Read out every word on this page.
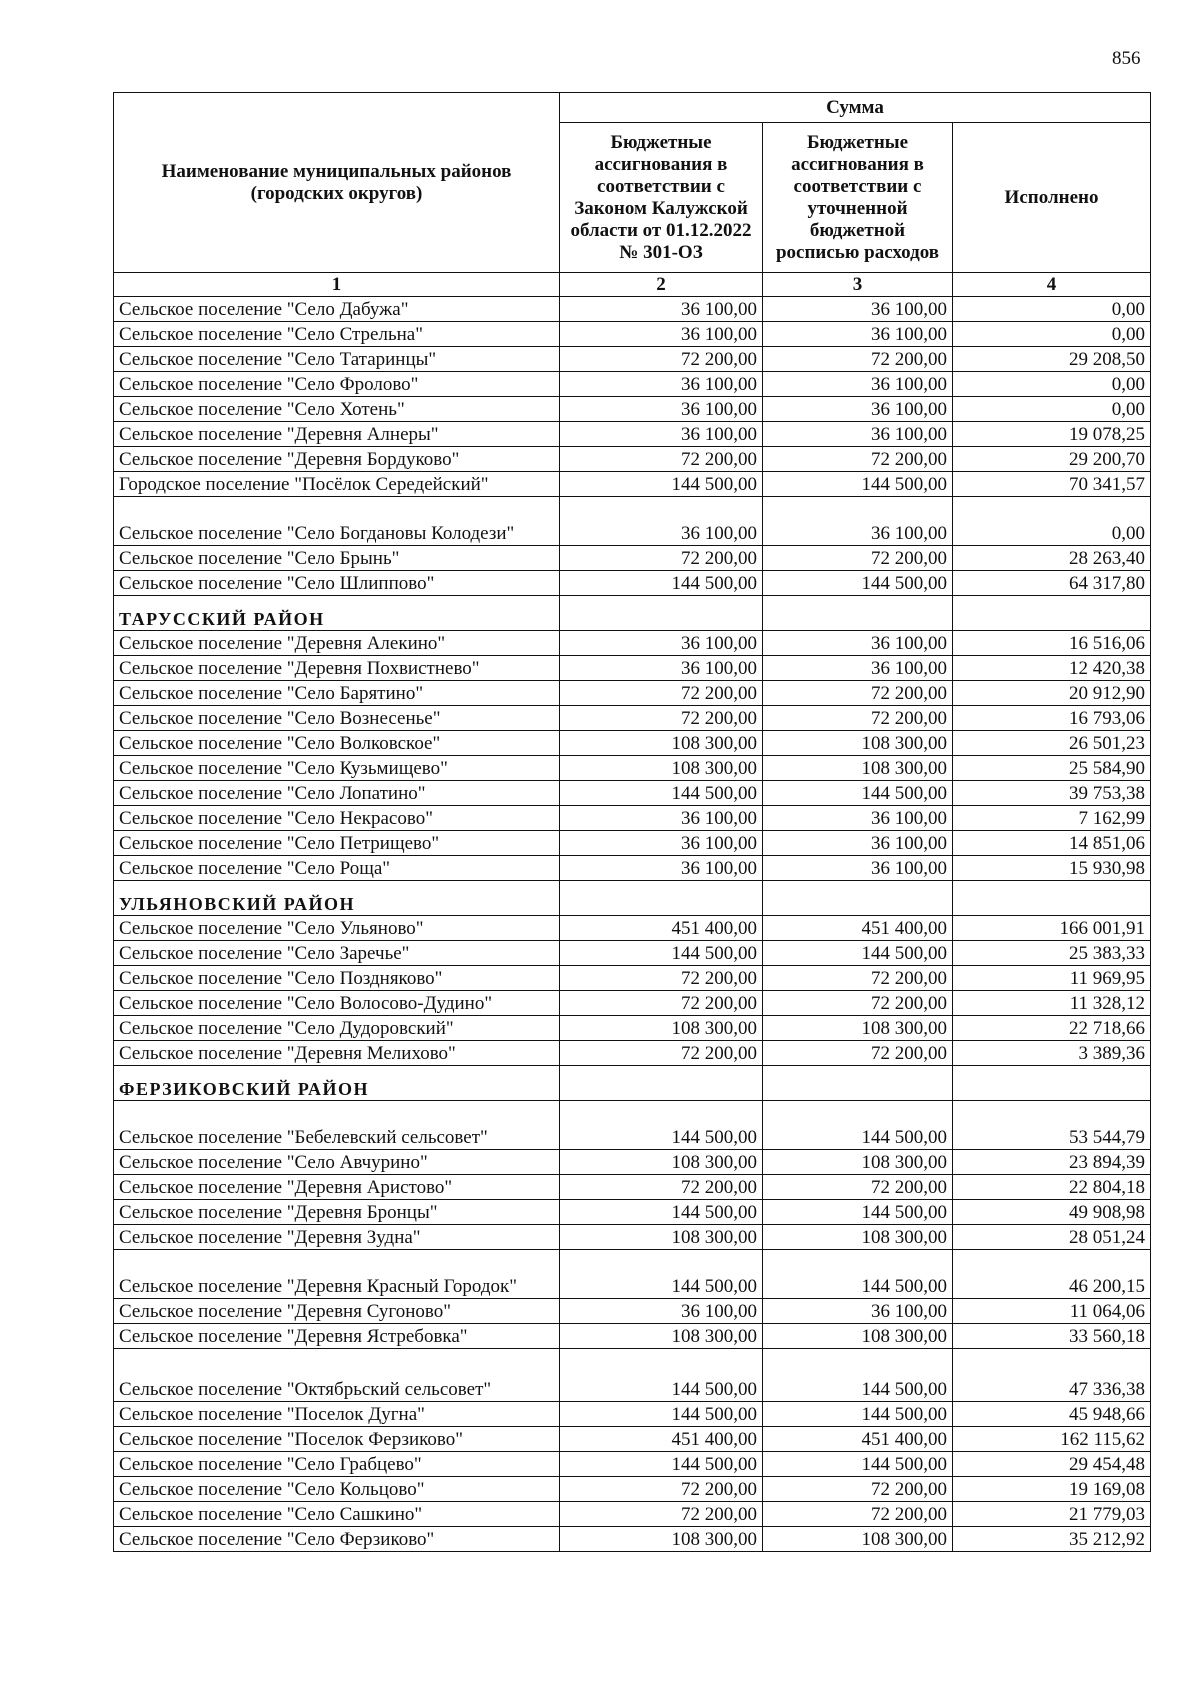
856
Наименование муниципальных районов (городских округов)	Сумма		
	Бюджетные ассигнования в соответствии с Законом Калужской области от 01.12.2022 № 301-ОЗ	Бюджетные ассигнования в соответствии с уточненной бюджетной росписью расходов	Исполнено
1	2	3	4
Сельское поселение "Село Дабужа"	36 100,00	36 100,00	0,00
Сельское поселение "Село Стрельна"	36 100,00	36 100,00	0,00
Сельское поселение "Село Татаринцы"	72 200,00	72 200,00	29 208,50
Сельское поселение "Село Фролово"	36 100,00	36 100,00	0,00
Сельское поселение "Село Хотень"	36 100,00	36 100,00	0,00
Сельское поселение "Деревня Алнеры"	36 100,00	36 100,00	19 078,25
Сельское поселение "Деревня Бордуково"	72 200,00	72 200,00	29 200,70
Городское поселение "Посёлок Середейский"	144 500,00	144 500,00	70 341,57
Сельское поселение "Село Богдановы Колодези"	36 100,00	36 100,00	0,00
Сельское поселение "Село Брынь"	72 200,00	72 200,00	28 263,40
Сельское поселение "Село Шлиппово"	144 500,00	144 500,00	64 317,80
ТАРУССКИЙ РАЙОН			
Сельское поселение "Деревня Алекино"	36 100,00	36 100,00	16 516,06
Сельское поселение "Деревня Похвистнево"	36 100,00	36 100,00	12 420,38
Сельское поселение "Село Барятино"	72 200,00	72 200,00	20 912,90
Сельское поселение "Село Вознесенье"	72 200,00	72 200,00	16 793,06
Сельское поселение "Село Волковское"	108 300,00	108 300,00	26 501,23
Сельское поселение "Село Кузьмищево"	108 300,00	108 300,00	25 584,90
Сельское поселение "Село Лопатино"	144 500,00	144 500,00	39 753,38
Сельское поселение "Село Некрасово"	36 100,00	36 100,00	7 162,99
Сельское поселение "Село Петрищево"	36 100,00	36 100,00	14 851,06
Сельское поселение "Село Роща"	36 100,00	36 100,00	15 930,98
УЛЬЯНОВСКИЙ РАЙОН			
Сельское поселение "Село Ульяново"	451 400,00	451 400,00	166 001,91
Сельское поселение "Село Заречье"	144 500,00	144 500,00	25 383,33
Сельское поселение "Село Поздняково"	72 200,00	72 200,00	11 969,95
Сельское поселение "Село Волосово-Дудино"	72 200,00	72 200,00	11 328,12
Сельское поселение "Село Дудоровский"	108 300,00	108 300,00	22 718,66
Сельское поселение "Деревня Мелихово"	72 200,00	72 200,00	3 389,36
ФЕРЗИКОВСКИЙ РАЙОН			
Сельское поселение "Бебелевский сельсовет"	144 500,00	144 500,00	53 544,79
Сельское поселение "Село Авчурино"	108 300,00	108 300,00	23 894,39
Сельское поселение "Деревня Аристово"	72 200,00	72 200,00	22 804,18
Сельское поселение "Деревня Бронцы"	144 500,00	144 500,00	49 908,98
Сельское поселение "Деревня Зудна"	108 300,00	108 300,00	28 051,24
Сельское поселение "Деревня Красный Городок"	144 500,00	144 500,00	46 200,15
Сельское поселение "Деревня Сугоново"	36 100,00	36 100,00	11 064,06
Сельское поселение "Деревня Ястребовка"	108 300,00	108 300,00	33 560,18
Сельское поселение "Октябрьский сельсовет"	144 500,00	144 500,00	47 336,38
Сельское поселение "Поселок Дугна"	144 500,00	144 500,00	45 948,66
Сельское поселение "Поселок Ферзиково"	451 400,00	451 400,00	162 115,62
Сельское поселение "Село Грабцево"	144 500,00	144 500,00	29 454,48
Сельское поселение "Село Кольцово"	72 200,00	72 200,00	19 169,08
Сельское поселение "Село Сашкино"	72 200,00	72 200,00	21 779,03
Сельское поселение "Село Ферзиково"	108 300,00	108 300,00	35 212,92
